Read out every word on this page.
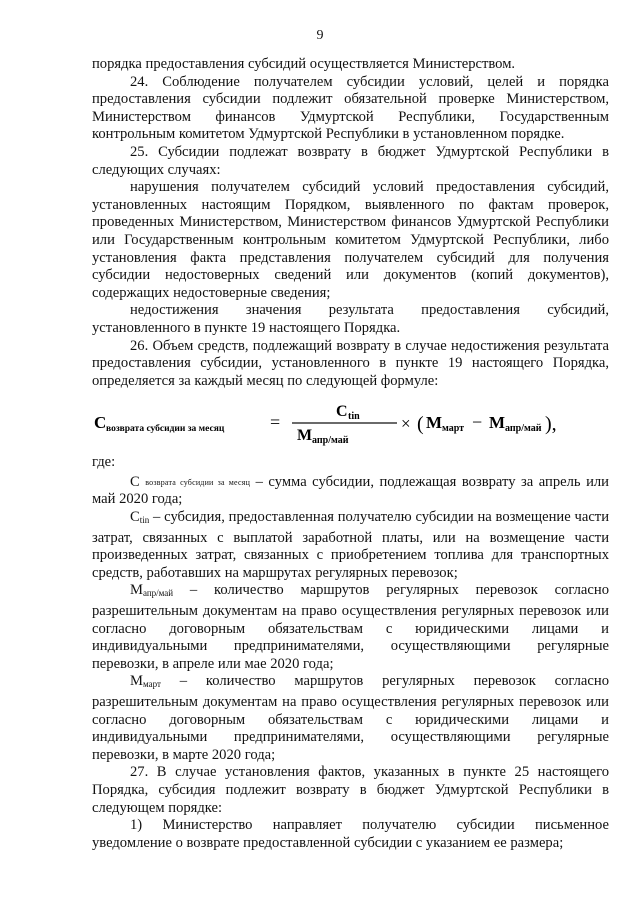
9

порядка предоставления субсидий осуществляется Министерством.

24. Соблюдение получателем субсидии условий, целей и порядка предоставления субсидии подлежит обязательной проверке Министерством, Министерством финансов Удмуртской Республики, Государственным контрольным комитетом Удмуртской Республики в установленном порядке.

25. Субсидии подлежат возврату в бюджет Удмуртской Республики в следующих случаях:

нарушения получателем субсидий условий предоставления субсидий, установленных настоящим Порядком, выявленного по фактам проверок, проведенных Министерством, Министерством финансов Удмуртской Республики или Государственным контрольным комитетом Удмуртской Республики, либо установления факта представления получателем субсидий для получения субсидии недостоверных сведений или документов (копий документов), содержащих недостоверные сведения;

недостижения значения результата предоставления субсидий, установленного в пункте 19 настоящего Порядка.

26. Объем средств, подлежащий возврату в случае недостижения результата предоставления субсидии, установленного в пункте 19 настоящего Порядка, определяется за каждый месяц по следующей формуле:

С возврата субсидии за месяц	=
С tin
М апр/май
× ( М март − М апр/май ),

где:

С возврата субсидии за месяц – сумма субсидии, подлежащая возврату за апрель или май 2020 года;

$С_{tin}$ – субсидия, предоставленная получателю субсидии на возмещение части затрат, связанных с выплатой заработной платы, или на возмещение части произведенных затрат, связанных с приобретением топлива для транспортных средств, работавших на маршрутах регулярных перевозок;

$М_{апр/май}$ – количество маршрутов регулярных перевозок согласно разрешительным документам на право осуществления регулярных перевозок или согласно договорным обязательствам с юридическими лицами и индивидуальными предпринимателями, осуществляющими регулярные перевозки, в апреле или мае 2020 года;

$М_{март}$ – количество маршрутов регулярных перевозок согласно разрешительным документам на право осуществления регулярных перевозок или согласно договорным обязательствам с юридическими лицами и индивидуальными предпринимателями, осуществляющими регулярные перевозки, в марте 2020 года;

27. В случае установления фактов, указанных в пункте 25 настоящего Порядка, субсидия подлежит возврату в бюджет Удмуртской Республики в следующем порядке:

1) Министерство направляет получателю субсидии письменное уведомление о возврате предоставленной субсидии с указанием ее размера;
